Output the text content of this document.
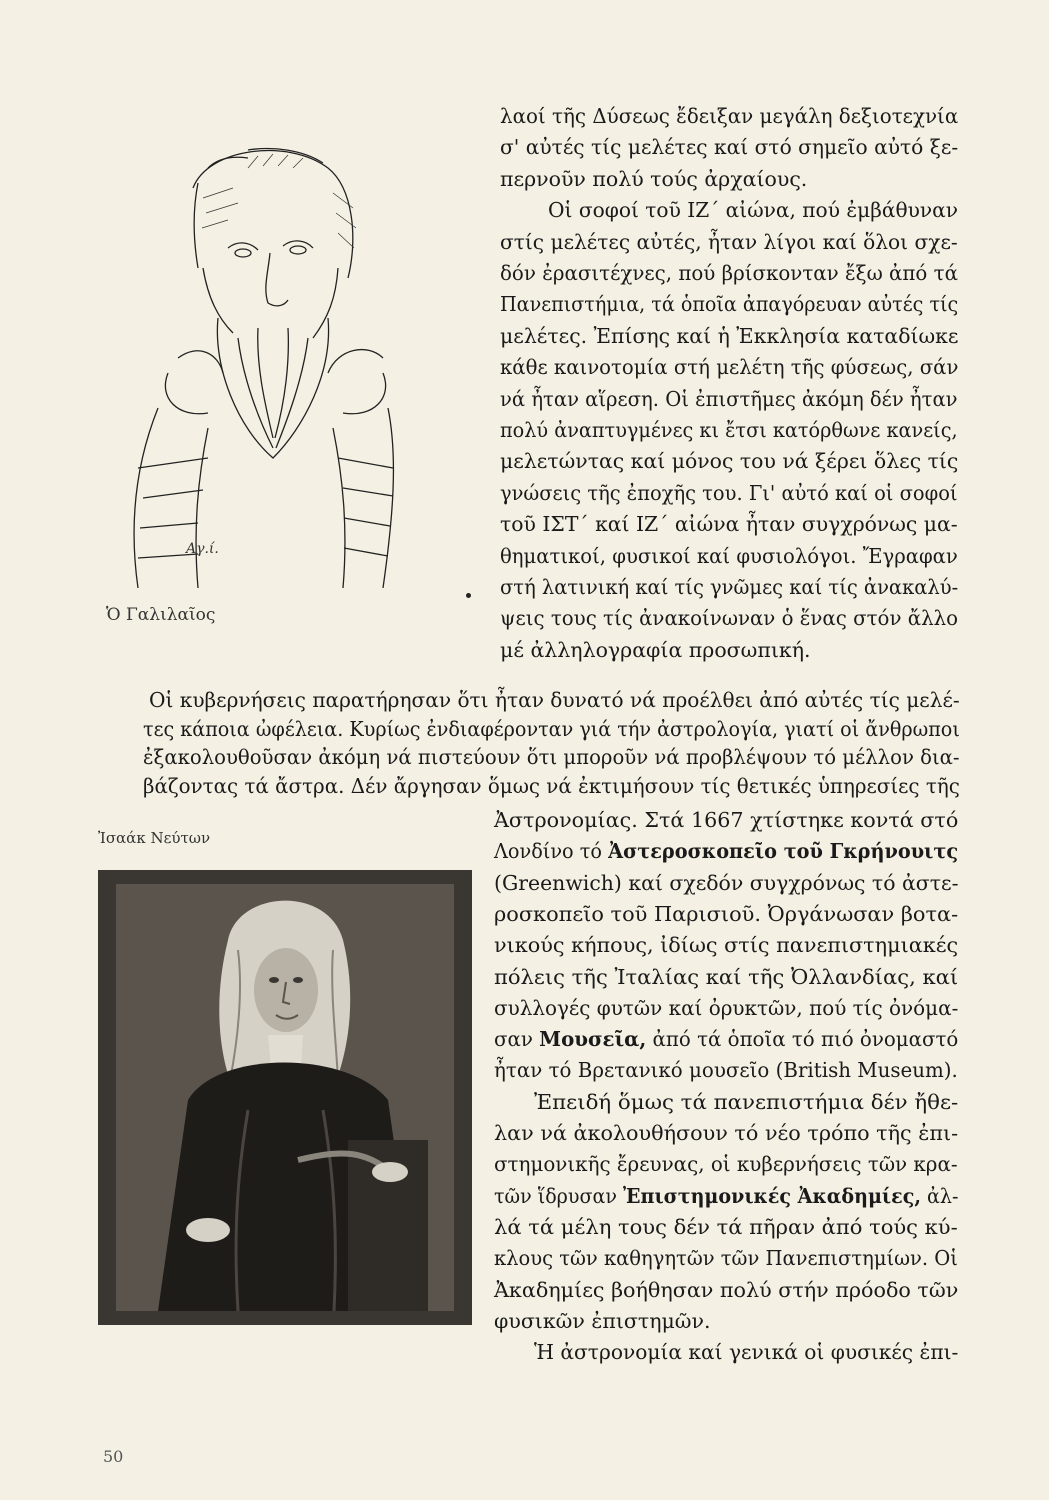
Αγ.ί.
Ὁ Γαλιλαῖος
Ἰσαάκ Νεύτων
λαοί τῆς Δύσεως ἔδειξαν μεγάλη δεξιοτεχνία
σ' αὐτές τίς μελέτες καί στό σημεῖο αὐτό ξε-
περνοῦν πολύ τούς ἀρχαίους.
Οἱ σοφοί τοῦ ΙΖ΄ αἰώνα, πού ἐμβάθυναν
στίς μελέτες αὐτές, ἦταν λίγοι καί ὅλοι σχε-
δόν ἐρασιτέχνες, πού βρίσκονταν ἔξω ἀπό τά
Πανεπιστήμια, τά ὁποῖα ἀπαγόρευαν αὐτές τίς
μελέτες. Ἐπίσης καί ἡ Ἐκκλησία καταδίωκε
κάθε καινοτομία στή μελέτη τῆς φύσεως, σάν
νά ἦταν αἵρεση. Οἱ ἐπιστῆμες ἀκόμη δέν ἦταν
πολύ ἀναπτυγμένες κι ἔτσι κατόρθωνε κανείς,
μελετώντας καί μόνος του νά ξέρει ὅλες τίς
γνώσεις τῆς ἐποχῆς του. Γι' αὐτό καί οἱ σοφοί
τοῦ ΙΣΤ΄ καί ΙΖ΄ αἰώνα ἦταν συγχρόνως μα-
θηματικοί, φυσικοί καί φυσιολόγοι. Ἔγραφαν
στή λατινική καί τίς γνῶμες καί τίς ἀνακαλύ-
ψεις τους τίς ἀνακοίνωναν ὁ ἕνας στόν ἄλλο
μέ ἀλληλογραφία προσωπική.
Οἱ κυβερνήσεις παρατήρησαν ὅτι ἦταν δυνατό νά προέλθει ἀπό αὐτές τίς μελέ-
τες κάποια ὠφέλεια. Κυρίως ἐνδιαφέρονταν γιά τήν ἀστρολογία, γιατί οἱ ἄνθρωποι
ἐξακολουθοῦσαν ἀκόμη νά πιστεύουν ὅτι μποροῦν νά προβλέψουν τό μέλλον δια-
βάζοντας τά ἄστρα. Δέν ἄργησαν ὅμως νά ἐκτιμήσουν τίς θετικές ὑπηρεσίες τῆς
Ἀστρονομίας. Στά 1667 χτίστηκε κοντά στό
Λονδίνο τό Ἀστεροσκοπεῖο τοῦ Γκρήνουιτς
(Greenwich) καί σχεδόν συγχρόνως τό ἀστε-
ροσκοπεῖο τοῦ Παρισιοῦ. Ὀργάνωσαν βοτα-
νικούς κήπους, ἰδίως στίς πανεπιστημιακές
πόλεις τῆς Ἰταλίας καί τῆς Ὀλλανδίας, καί
συλλογές φυτῶν καί ὀρυκτῶν, πού τίς ὀνόμα-
σαν Μουσεῖα, ἀπό τά ὁποῖα τό πιό ὀνομαστό
ἦταν τό Βρετανικό μουσεῖο (British Museum).
Ἐπειδή ὅμως τά πανεπιστήμια δέν ἤθε-
λαν νά ἀκολουθήσουν τό νέο τρόπο τῆς ἐπι-
στημονικῆς ἔρευνας, οἱ κυβερνήσεις τῶν κρα-
τῶν ἵδρυσαν Ἐπιστημονικές Ἀκαδημίες, ἀλ-
λά τά μέλη τους δέν τά πῆραν ἀπό τούς κύ-
κλους τῶν καθηγητῶν τῶν Πανεπιστημίων. Οἱ
Ἀκαδημίες βοήθησαν πολύ στήν πρόοδο τῶν
φυσικῶν ἐπιστημῶν.
Ἡ ἀστρονομία καί γενικά οἱ φυσικές ἐπι-
50
